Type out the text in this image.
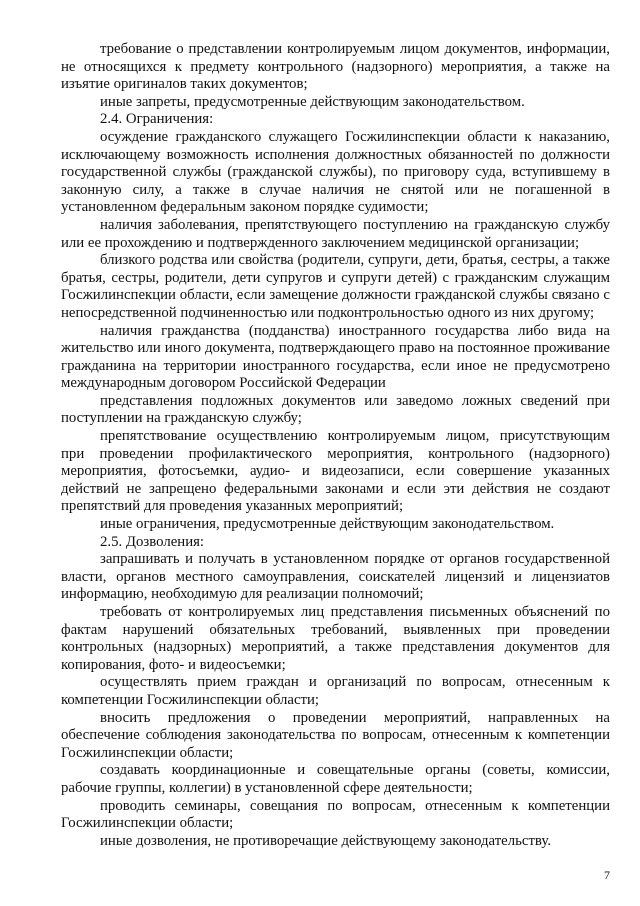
требование о представлении контролируемым лицом документов, информации, не относящихся к предмету контрольного (надзорного) мероприятия, а также на изъятие оригиналов таких документов;

иные запреты, предусмотренные действующим законодательством.

2.4. Ограничения:

осуждение гражданского служащего Госжилинспекции области к наказанию, исключающему возможность исполнения должностных обязанностей по должности государственной службы (гражданской службы), по приговору суда, вступившему в законную силу, а также в случае наличия не снятой или не погашенной в установленном федеральным законом порядке судимости;

наличия заболевания, препятствующего поступлению на гражданскую службу или ее прохождению и подтвержденного заключением медицинской организации;

близкого родства или свойства (родители, супруги, дети, братья, сестры, а также братья, сестры, родители, дети супругов и супруги детей) с гражданским служащим Госжилинспекции области, если замещение должности гражданской службы связано с непосредственной подчиненностью или подконтрольностью одного из них другому;

наличия гражданства (подданства) иностранного государства либо вида на жительство или иного документа, подтверждающего право на постоянное проживание гражданина на территории иностранного государства, если иное не предусмотрено международным договором Российской Федерации

представления подложных документов или заведомо ложных сведений при поступлении на гражданскую службу;

препятствование осуществлению контролируемым лицом, присутствующим при проведении профилактического мероприятия, контрольного (надзорного) мероприятия, фотосъемки, аудио- и видеозаписи, если совершение указанных действий не запрещено федеральными законами и если эти действия не создают препятствий для проведения указанных мероприятий;

иные ограничения, предусмотренные действующим законодательством.

2.5. Дозволения:

запрашивать и получать в установленном порядке от органов государственной власти, органов местного самоуправления, соискателей лицензий и лицензиатов информацию, необходимую для реализации полномочий;

требовать от контролируемых лиц представления письменных объяснений по фактам нарушений обязательных требований, выявленных при проведении контрольных (надзорных) мероприятий, а также представления документов для копирования, фото- и видеосъемки;

осуществлять прием граждан и организаций по вопросам, отнесенным к компетенции Госжилинспекции области;

вносить предложения о проведении мероприятий, направленных на обеспечение соблюдения законодательства по вопросам, отнесенным к компетенции Госжилинспекции области;

создавать координационные и совещательные органы (советы, комиссии, рабочие группы, коллегии) в установленной сфере деятельности;

проводить семинары, совещания по вопросам, отнесенным к компетенции Госжилинспекции области;

иные дозволения, не противоречащие действующему законодательству.

7
